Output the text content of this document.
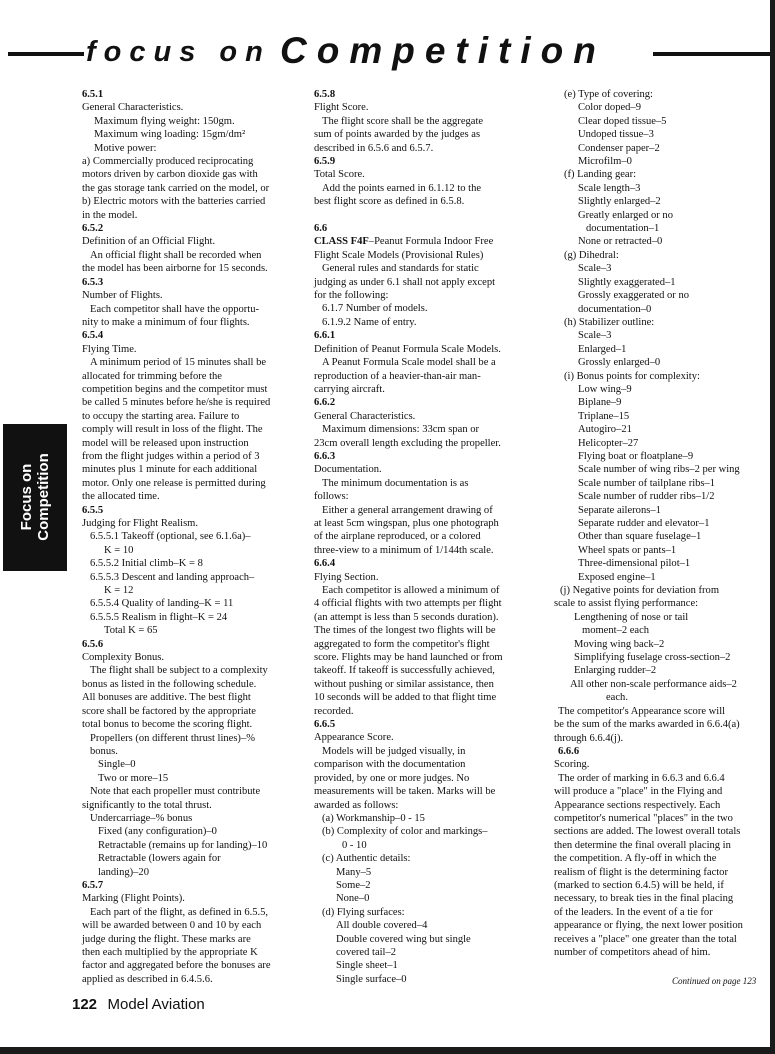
focus on Competition
Focus on Competition
6.5.1
General Characteristics.
Maximum flying weight: 150gm.
Maximum wing loading: 15gm/dm²
Motive power:
a) Commercially produced reciprocating
motors driven by carbon dioxide gas with
the gas storage tank carried on the model, or
b) Electric motors with the batteries carried
in the model.
6.5.2
Definition of an Official Flight.
An official flight shall be recorded when
the model has been airborne for 15 seconds.
6.5.3
Number of Flights.
Each competitor shall have the opportu-
nity to make a minimum of four flights.
6.5.4
Flying Time.
A minimum period of 15 minutes shall be
allocated for trimming before the
competition begins and the competitor must
be called 5 minutes before he/she is required
to occupy the starting area. Failure to
comply will result in loss of the flight. The
model will be released upon instruction
from the flight judges within a period of 3
minutes plus 1 minute for each additional
motor. Only one release is permitted during
the allocated time.
6.5.5
Judging for Flight Realism.
6.5.5.1 Takeoff (optional, see 6.1.6a)–
K = 10
6.5.5.2 Initial climb–K = 8
6.5.5.3 Descent and landing approach–
K = 12
6.5.5.4 Quality of landing–K = 11
6.5.5.5 Realism in flight–K = 24
Total K = 65
6.5.6
Complexity Bonus.
The flight shall be subject to a complexity
bonus as listed in the following schedule.
All bonuses are additive. The best flight
score shall be factored by the appropriate
total bonus to become the scoring flight.
Propellers (on different thrust lines)–%
bonus.
Single–0
Two or more–15
Note that each propeller must contribute
significantly to the total thrust.
Undercarriage–% bonus
Fixed (any configuration)–0
Retractable (remains up for landing)–10
Retractable (lowers again for
landing)–20
6.5.7
Marking (Flight Points).
Each part of the flight, as defined in 6.5.5,
will be awarded between 0 and 10 by each
judge during the flight. These marks are
then each multiplied by the appropriate K
factor and aggregated before the bonuses are
applied as described in 6.4.5.6.
6.5.8
Flight Score.
The flight score shall be the aggregate
sum of points awarded by the judges as
described in 6.5.6 and 6.5.7.
6.5.9
Total Score.
Add the points earned in 6.1.12 to the
best flight score as defined in 6.5.8.
6.6
CLASS F4F–Peanut Formula Indoor Free
Flight Scale Models (Provisional Rules)
General rules and standards for static
judging as under 6.1 shall not apply except
for the following:
6.1.7 Number of models.
6.1.9.2 Name of entry.
6.6.1
Definition of Peanut Formula Scale Models.
A Peanut Formula Scale model shall be a
reproduction of a heavier-than-air man-
carrying aircraft.
6.6.2
General Characteristics.
Maximum dimensions: 33cm span or
23cm overall length excluding the propeller.
6.6.3
Documentation.
The minimum documentation is as
follows:
Either a general arrangement drawing of
at least 5cm wingspan, plus one photograph
of the airplane reproduced, or a colored
three-view to a minimum of 1/144th scale.
6.6.4
Flying Section.
Each competitor is allowed a minimum of
4 official flights with two attempts per flight
(an attempt is less than 5 seconds duration).
The times of the longest two flights will be
aggregated to form the competitor's flight
score. Flights may be hand launched or from
takeoff. If takeoff is successfully achieved,
without pushing or similar assistance, then
10 seconds will be added to that flight time
recorded.
6.6.5
Appearance Score.
Models will be judged visually, in
comparison with the documentation
provided, by one or more judges. No
measurements will be taken. Marks will be
awarded as follows:
(a) Workmanship–0 - 15
(b) Complexity of color and markings–
0 - 10
(c) Authentic details:
Many–5
Some–2
None–0
(d) Flying surfaces:
All double covered–4
Double covered wing but single
covered tail–2
Single sheet–1
Single surface–0
(e) Type of covering:
Color doped–9
Clear doped tissue–5
Undoped tissue–3
Condenser paper–2
Microfilm–0
(f) Landing gear:
Scale length–3
Slightly enlarged–2
Greatly enlarged or no
documentation–1
None or retracted–0
(g) Dihedral:
Scale–3
Slightly exaggerated–1
Grossly exaggerated or no
documentation–0
(h) Stabilizer outline:
Scale–3
Enlarged–1
Grossly enlarged–0
(i) Bonus points for complexity:
Low wing–9
Biplane–9
Triplane–15
Autogiro–21
Helicopter–27
Flying boat or floatplane–9
Scale number of wing ribs–2 per wing
Scale number of tailplane ribs–1
Scale number of rudder ribs–1/2
Separate ailerons–1
Separate rudder and elevator–1
Other than square fuselage–1
Wheel spats or pants–1
Three-dimensional pilot–1
Exposed engine–1
(j) Negative points for deviation from
scale to assist flying performance:
Lengthening of nose or tail
moment–2 each
Moving wing back–2
Simplifying fuselage cross-section–2
Enlarging rudder–2
All other non-scale performance aids–2
each.
The competitor's Appearance score will
be the sum of the marks awarded in 6.6.4(a)
through 6.6.4(j).
6.6.6
Scoring.
The order of marking in 6.6.3 and 6.6.4
will produce a "place" in the Flying and
Appearance sections respectively. Each
competitor's numerical "places" in the two
sections are added. The lowest overall totals
then determine the final overall placing in
the competition. A fly-off in which the
realism of flight is the determining factor
(marked to section 6.4.5) will be held, if
necessary, to break ties in the final placing
of the leaders. In the event of a tie for
appearance or flying, the next lower position
receives a "place" one greater than the total
number of competitors ahead of him.
Continued on page 123
122 Model Aviation
